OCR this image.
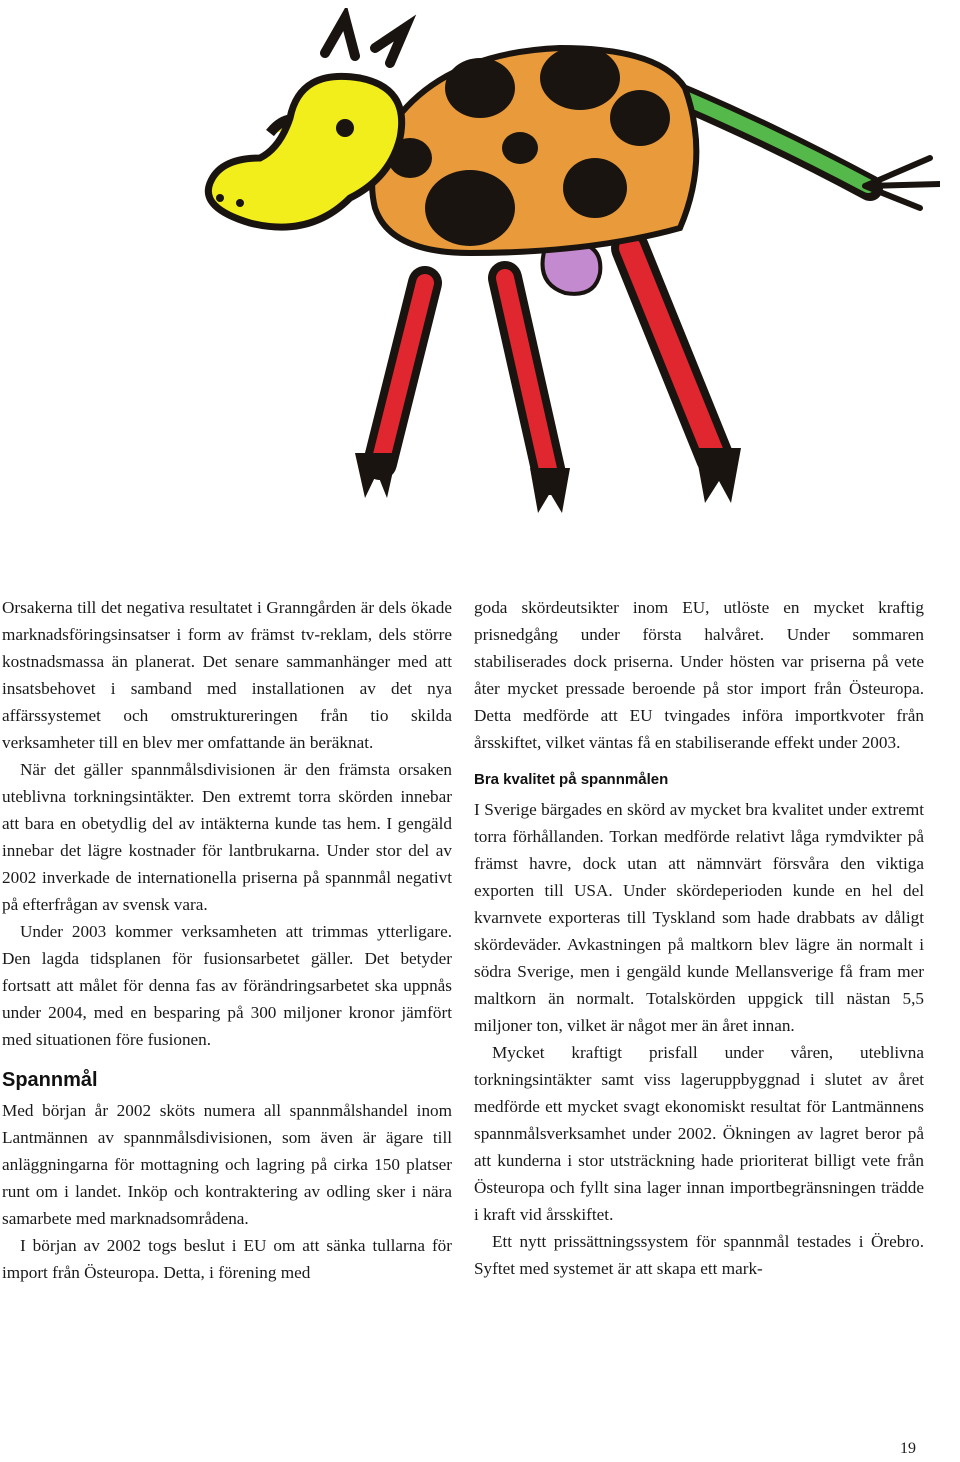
Orsakerna till det negativa resultatet i Granngården är dels ökade marknadsföringsinsatser i form av främst tv-reklam, dels större kostnadsmassa än planerat. Det senare sammanhänger med att insatsbehovet i samband med installationen av det nya affärssystemet och omstruktureringen från tio skilda verksamheter till en blev mer omfattande än beräknat.

När det gäller spannmålsdivisionen är den främsta orsaken uteblivna torkningsintäkter. Den extremt torra skörden innebar att bara en obetydlig del av intäkterna kunde tas hem. I gengäld innebar det lägre kostnader för lantbrukarna. Under stor del av 2002 inverkade de internationella priserna på spannmål negativt på efterfrågan av svensk vara.

Under 2003 kommer verksamheten att trimmas ytterligare. Den lagda tidsplanen för fusionsarbetet gäller. Det betyder fortsatt att målet för denna fas av förändringsarbetet ska uppnås under 2004, med en besparing på 300 miljoner kronor jämfört med situationen före fusionen.

Spannmål

Med början år 2002 sköts numera all spannmålshandel inom Lantmännen av spannmålsdivisionen, som även är ägare till anläggningarna för mottagning och lagring på cirka 150 platser runt om i landet. Inköp och kontraktering av odling sker i nära samarbete med marknadsområdena.

I början av 2002 togs beslut i EU om att sänka tullarna för import från Östeuropa. Detta, i förening med

goda skördeutsikter inom EU, utlöste en mycket kraftig prisnedgång under första halvåret. Under sommaren stabiliserades dock priserna. Under hösten var priserna på vete åter mycket pressade beroende på stor import från Östeuropa. Detta medförde att EU tvingades införa importkvoter från årsskiftet, vilket väntas få en stabiliserande effekt under 2003.

Bra kvalitet på spannmålen

I Sverige bärgades en skörd av mycket bra kvalitet under extremt torra förhållanden. Torkan medförde relativt låga rymdvikter på främst havre, dock utan att nämnvärt försvåra den viktiga exporten till USA. Under skördeperioden kunde en hel del kvarnvete exporteras till Tyskland som hade drabbats av dåligt skördeväder. Avkastningen på maltkorn blev lägre än normalt i södra Sverige, men i gengäld kunde Mellansverige få fram mer maltkorn än normalt. Totalskörden uppgick till nästan 5,5 miljoner ton, vilket är något mer än året innan.

Mycket kraftigt prisfall under våren, uteblivna torkningsintäkter samt viss lageruppbyggnad i slutet av året medförde ett mycket svagt ekonomiskt resultat för Lantmännens spannmålsverksamhet under 2002. Ökningen av lagret beror på att kunderna i stor utsträckning hade prioriterat billigt vete från Östeuropa och fyllt sina lager innan importbegränsningen trädde i kraft vid årsskiftet.

Ett nytt prissättningssystem för spannmål testades i Örebro. Syftet med systemet är att skapa ett mark-

19
